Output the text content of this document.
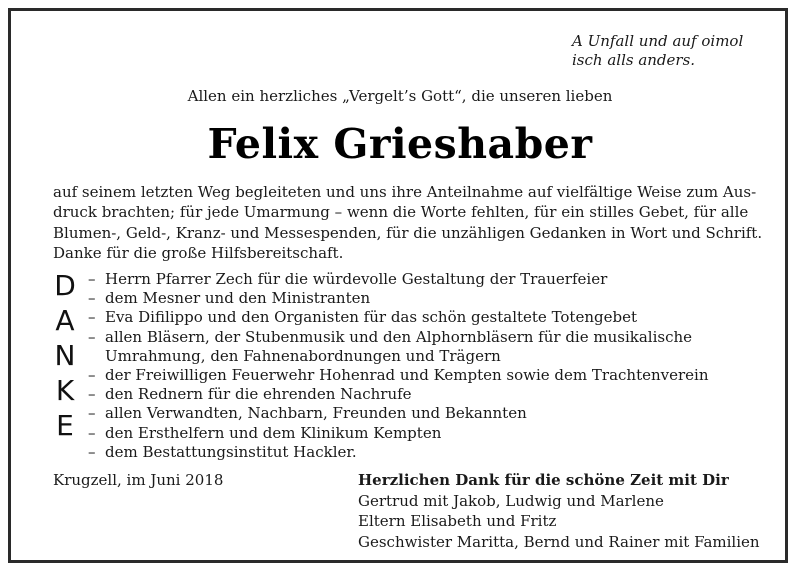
A Unfall und auf oimol
isch alls anders.
Allen ein herzliches „Vergelt’s Gott“, die unseren lieben
Felix Grieshaber
auf seinem letzten Weg begleiteten und uns ihre Anteilnahme auf vielfältige Weise zum Aus-
druck brachten; für jede Umarmung – wenn die Worte fehlten, für ein stilles Gebet, für alle
Blumen-, Geld-, Kranz- und Messespenden, für die unzähligen Gedanken in Wort und Schrift.
Danke für die große Hilfsbereitschaft.
D
A
N
K
E
– Herrn Pfarrer Zech für die würdevolle Gestaltung der Trauerfeier
– dem Mesner und den Ministranten
– Eva Difilippo und den Organisten für das schön gestaltete Totengebet
– allen Bläsern, der Stubenmusik und den Alphornbläsern für die musikalische
Umrahmung, den Fahnenabordnungen und Trägern
– der Freiwilligen Feuerwehr Hohenrad und Kempten sowie dem Trachtenverein
– den Rednern für die ehrenden Nachrufe
– allen Verwandten, Nachbarn, Freunden und Bekannten
– den Ersthelfern und dem Klinikum Kempten
– dem Bestattungsinstitut Hackler.
Krugzell, im Juni 2018	Herzlichen Dank für die schöne Zeit mit Dir
Gertrud mit Jakob, Ludwig und Marlene
Eltern Elisabeth und Fritz
Geschwister Maritta, Bernd und Rainer mit Familien
